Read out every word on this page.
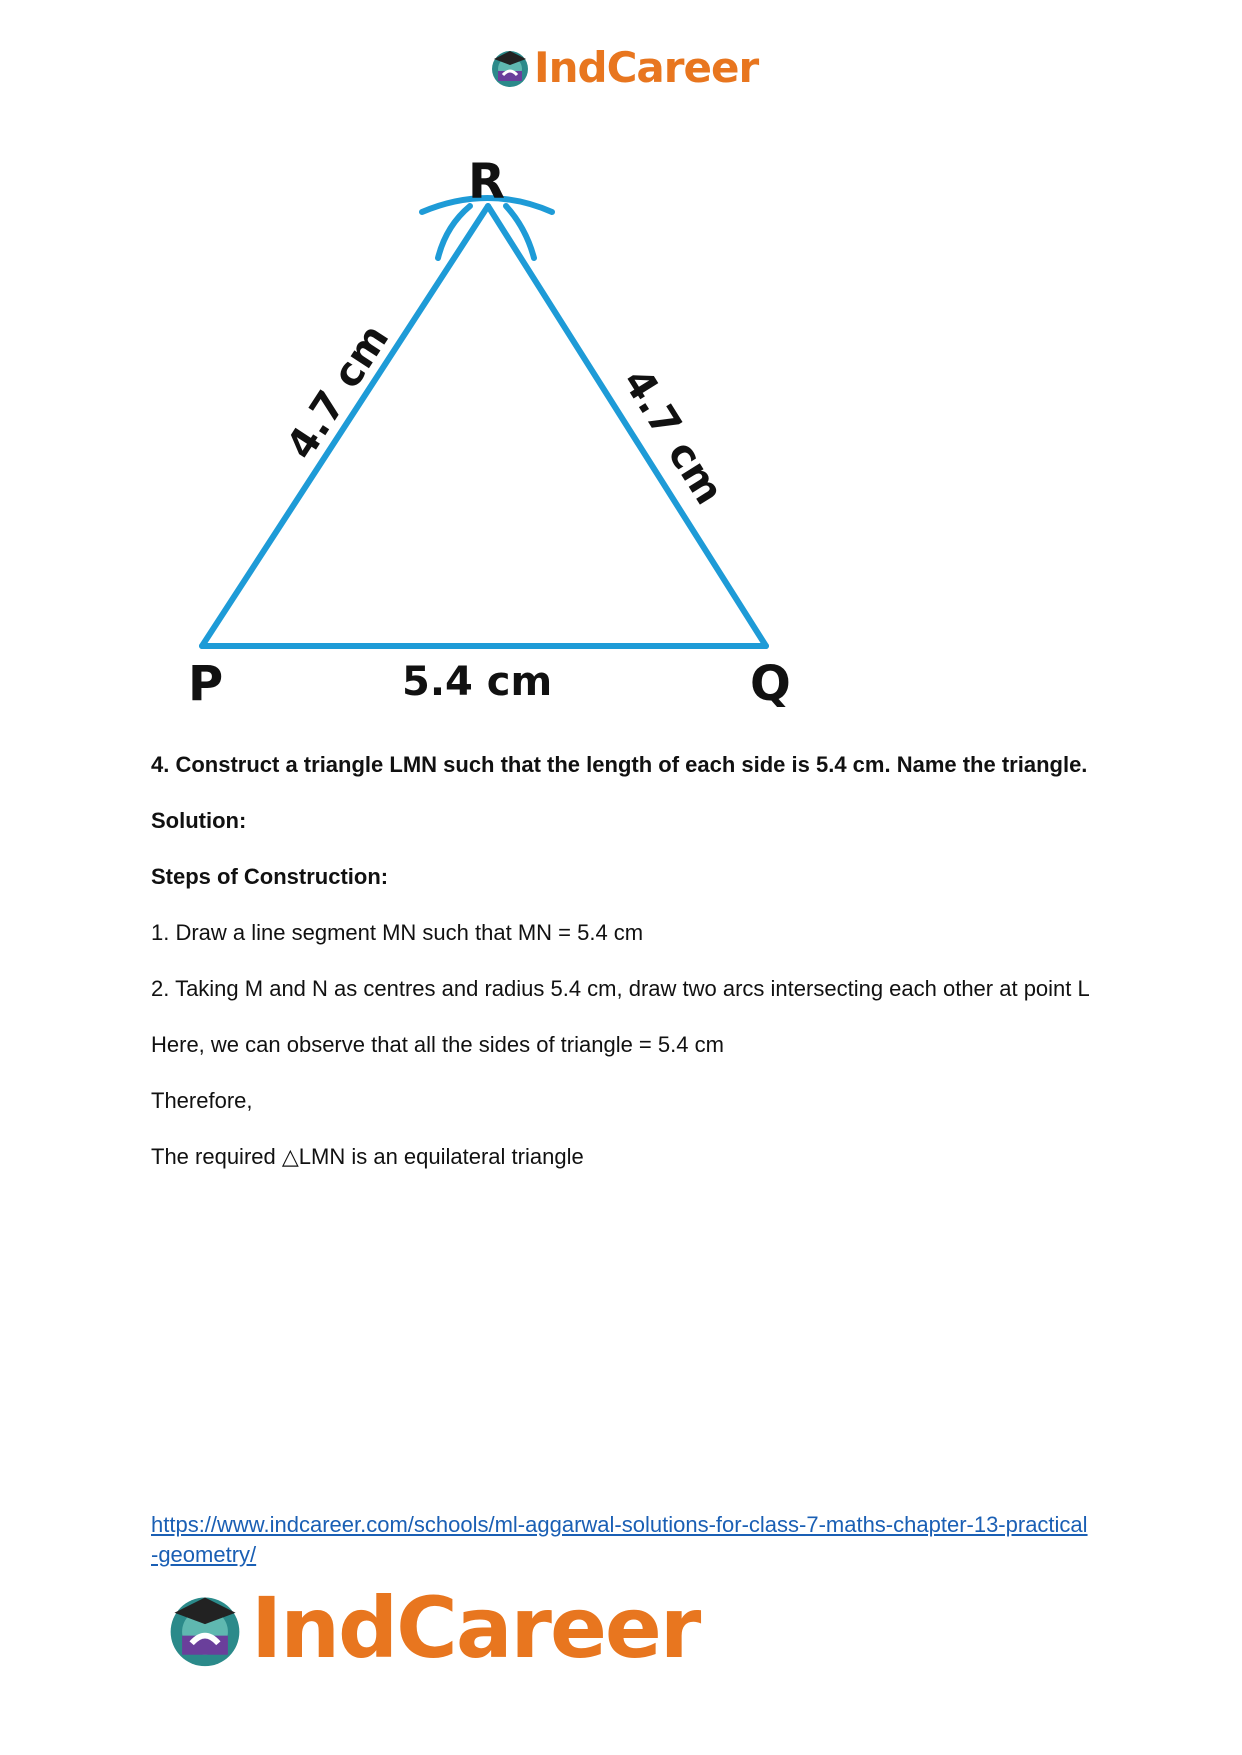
IndCareer
R
P	Q
5.4 cm
4.7 cm	4.7 cm

4. Construct a triangle LMN such that the length of each side is 5.4 cm. Name the triangle.

Solution:

Steps of Construction:

1. Draw a line segment MN such that MN = 5.4 cm

2. Taking M and N as centres and radius 5.4 cm, draw two arcs intersecting each other at point L

Here, we can observe that all the sides of triangle = 5.4 cm

Therefore,

The required △LMN is an equilateral triangle

https://www.indcareer.com/schools/ml-aggarwal-solutions-for-class-7-maths-chapter-13-practical-geometry/
IndCareer
